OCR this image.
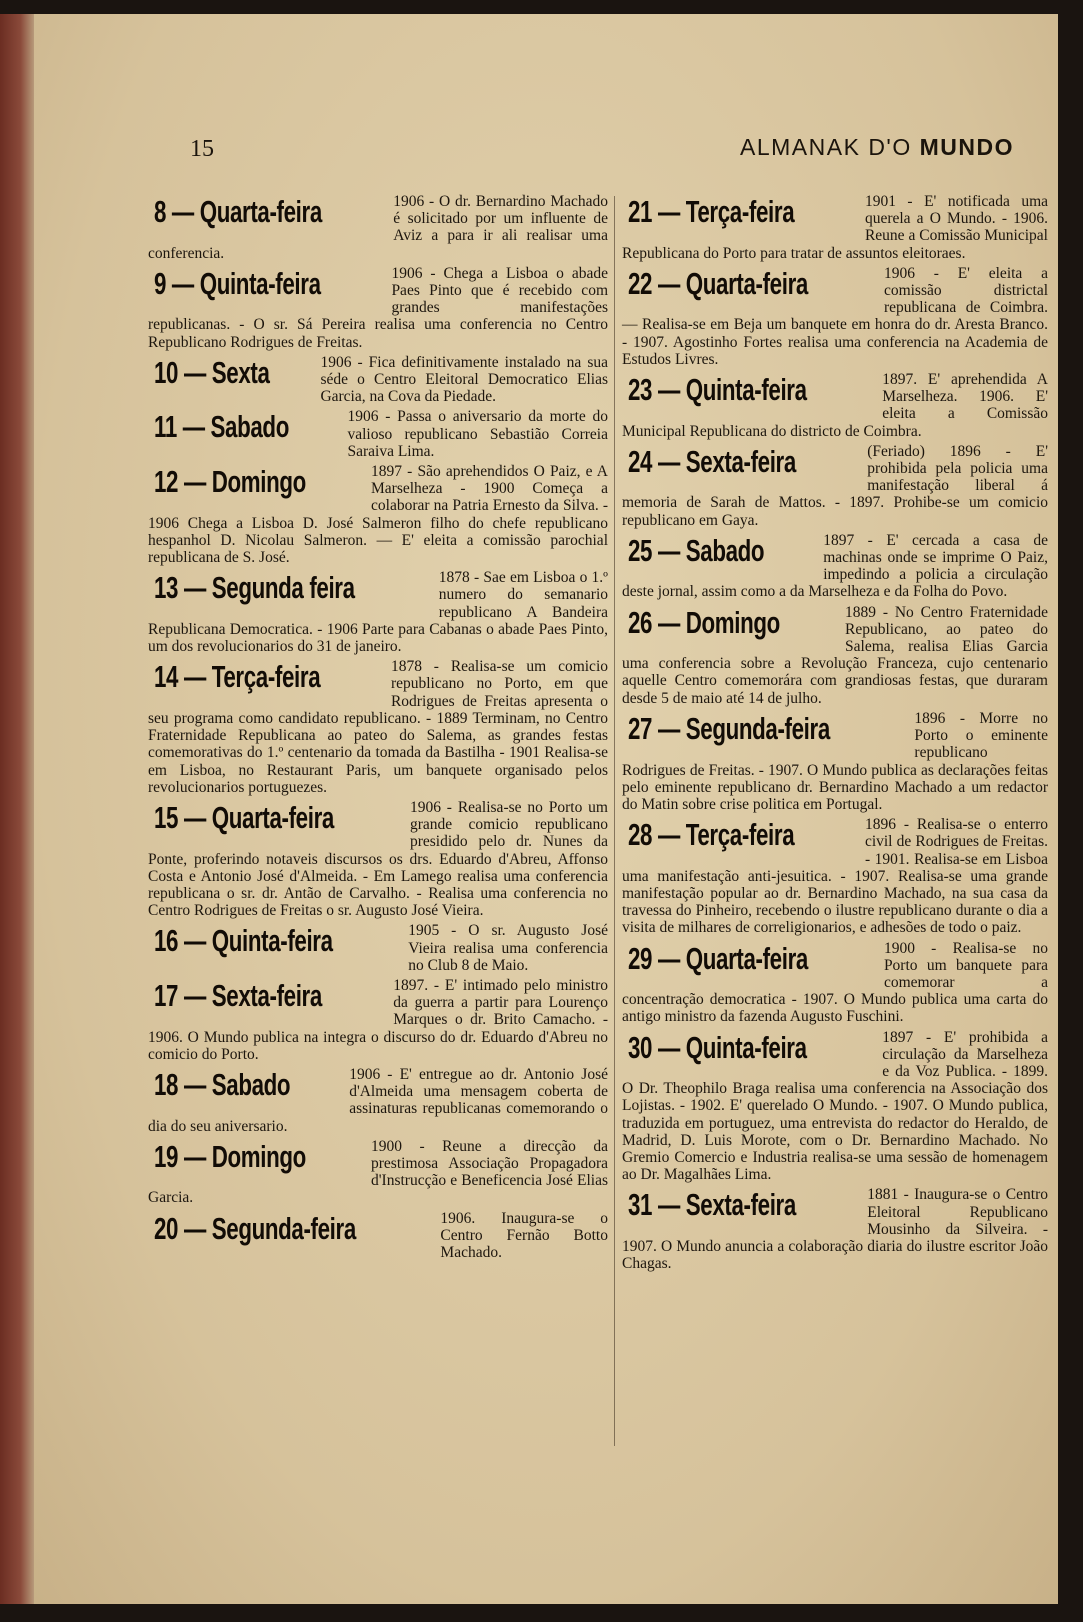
15	ALMANAK D'O MUNDO
8 — Quarta-feira	1906 - O dr. Bernardino Machado é solicitado por um influente de Aviz a para ir ali realisar uma conferencia.
9 — Quinta-feira	1906 - Chega a Lisboa o abade Paes Pinto que é recebido com grandes manifestações republicanas. - O sr. Sá Pereira realisa uma conferencia no Centro Republicano Rodrigues de Freitas.
10 — Sexta	1906 - Fica definitivamente instalado na sua séde o Centro Eleitoral Democratico Elias Garcia, na Cova da Piedade.
11 — Sabado	1906 - Passa o aniversario da morte do valioso republicano Sebastião Correia Saraiva Lima.
12 — Domingo	1897 - São aprehendidos O Paiz, e A Marselheza - 1900 Começa a colaborar na Patria Ernesto da Silva. - 1906 Chega a Lisboa D. José Salmeron filho do chefe republicano hespanhol D. Nicolau Salmeron. — E' eleita a comissão parochial republicana de S. José.
13 — Segunda feira	1878 - Sae em Lisboa o 1.º numero do semanario republicano A Bandeira Republicana Democratica. - 1906 Parte para Cabanas o abade Paes Pinto, um dos revolucionarios do 31 de janeiro.
14 — Terça-feira	1878 - Realisa-se um comicio republicano no Porto, em que Rodrigues de Freitas apresenta o seu programa como candidato republicano. - 1889 Terminam, no Centro Fraternidade Republicana ao pateo do Salema, as grandes festas comemorativas do 1.º centenario da tomada da Bastilha - 1901 Realisa-se em Lisboa, no Restaurant Paris, um banquete organisado pelos revolucionarios portuguezes.
15 — Quarta-feira	1906 - Realisa-se no Porto um grande comicio republicano presidido pelo dr. Nunes da Ponte, proferindo notaveis discursos os drs. Eduardo d'Abreu, Affonso Costa e Antonio José d'Almeida. - Em Lamego realisa uma conferencia republicana o sr. dr. Antão de Carvalho. - Realisa uma conferencia no Centro Rodrigues de Freitas o sr. Augusto José Vieira.
16 — Quinta-feira	1905 - O sr. Augusto José Vieira realisa uma conferencia no Club 8 de Maio.
17 — Sexta-feira	1897. - E' intimado pelo ministro da guerra a partir para Lourenço Marques o dr. Brito Camacho. - 1906. O Mundo publica na integra o discurso do dr. Eduardo d'Abreu no comicio do Porto.
18 — Sabado	1906 - E' entregue ao dr. Antonio José d'Almeida uma mensagem coberta de assinaturas republicanas comemorando o dia do seu aniversario.
19 — Domingo	1900 - Reune a direcção da prestimosa Associação Propagadora d'Instrucção e Beneficencia José Elias Garcia.
20 — Segunda-feira	1906. Inaugura-se o Centro Fernão Botto Machado.
21 — Terça-feira	1901 - E' notificada uma querela a O Mundo. - 1906. Reune a Comissão Municipal Republicana do Porto para tratar de assuntos eleitoraes.
22 — Quarta-feira	1906 - E' eleita a comissão districtal republicana de Coimbra. — Realisa-se em Beja um banquete em honra do dr. Aresta Branco. - 1907. Agostinho Fortes realisa uma conferencia na Academia de Estudos Livres.
23 — Quinta-feira	1897. E' aprehendida A Marselheza. 1906. E' eleita a Comissão Municipal Republicana do districto de Coimbra.
24 — Sexta-feira	(Feriado) 1896 - E' prohibida pela policia uma manifestação liberal á memoria de Sarah de Mattos. - 1897. Prohibe-se um comicio republicano em Gaya.
25 — Sabado	1897 - E' cercada a casa de machinas onde se imprime O Paiz, impedindo a policia a circulação deste jornal, assim como a da Marselheza e da Folha do Povo.
26 — Domingo	1889 - No Centro Fraternidade Republicano, ao pateo do Salema, realisa Elias Garcia uma conferencia sobre a Revolução Franceza, cujo centenario aquelle Centro comemorára com grandiosas festas, que duraram desde 5 de maio até 14 de julho.
27 — Segunda-feira	1896 - Morre no Porto o eminente republicano Rodrigues de Freitas. - 1907. O Mundo publica as declarações feitas pelo eminente republicano dr. Bernardino Machado a um redactor do Matin sobre crise politica em Portugal.
28 — Terça-feira	1896 - Realisa-se o enterro civil de Rodrigues de Freitas. - 1901. Realisa-se em Lisboa uma manifestação anti-jesuitica. - 1907. Realisa-se uma grande manifestação popular ao dr. Bernardino Machado, na sua casa da travessa do Pinheiro, recebendo o ilustre republicano durante o dia a visita de milhares de correligionarios, e adhesões de todo o paiz.
29 — Quarta-feira	1900 - Realisa-se no Porto um banquete para comemorar a concentração democratica - 1907. O Mundo publica uma carta do antigo ministro da fazenda Augusto Fuschini.
30 — Quinta-feira	1897 - E' prohibida a circulação da Marselheza e da Voz Publica. - 1899. O Dr. Theophilo Braga realisa uma conferencia na Associação dos Lojistas. - 1902. E' querelado O Mundo. - 1907. O Mundo publica, traduzida em portuguez, uma entrevista do redactor do Heraldo, de Madrid, D. Luis Morote, com o Dr. Bernardino Machado. No Gremio Comercio e Industria realisa-se uma sessão de homenagem ao Dr. Magalhães Lima.
31 — Sexta-feira	1881 - Inaugura-se o Centro Eleitoral Republicano Mousinho da Silveira. - 1907. O Mundo anuncia a colaboração diaria do ilustre escritor João Chagas.
